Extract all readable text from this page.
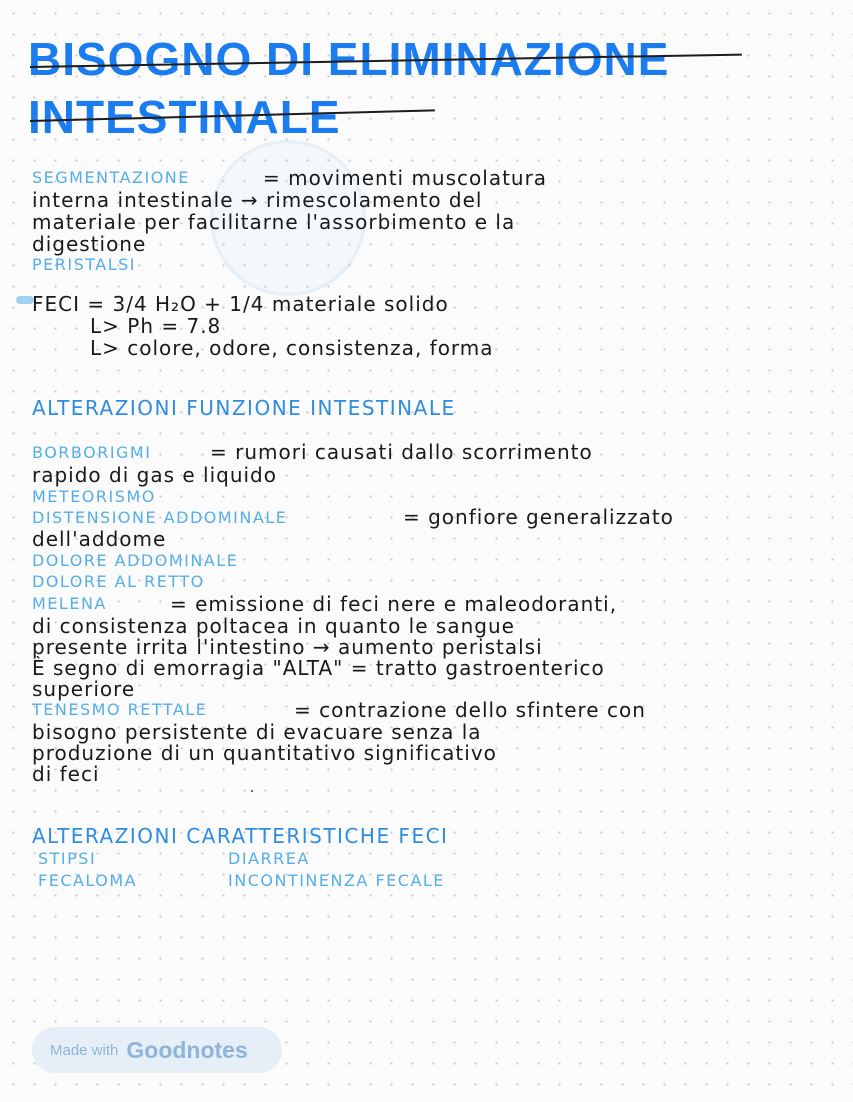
BISOGNO DI ELIMINAZIONE
INTESTINALE
SEGMENTAZIONE	= movimenti muscolatura
interna intestinale → rimescolamento del
materiale per facilitarne l'assorbimento e la
digestione
PERISTALSI
FECI = 3/4 H₂O + 1/4 materiale solido
L> Ph = 7.8
L> colore, odore, consistenza, forma
ALTERAZIONI FUNZIONE INTESTINALE
BORBORIGMI	= rumori causati dallo scorrimento
rapido di gas e liquido
METEORISMO
DISTENSIONE ADDOMINALE	= gonfiore generalizzato
dell'addome
DOLORE ADDOMINALE
DOLORE AL RETTO
MELENA	= emissione di feci nere e maleodoranti,
di consistenza poltacea in quanto le sangue
presente irrita l'intestino → aumento peristalsi
È segno di emorragia "ALTA" = tratto gastroenterico
superiore
TENESMO RETTALE	= contrazione dello sfintere con
bisogno persistente di evacuare senza la
produzione di un quantitativo significativo
di feci
ALTERAZIONI CARATTERISTICHE FECI
STIPSI	DIARREA
FECALOMA	INCONTINENZA FECALE
Made with Goodnotes
